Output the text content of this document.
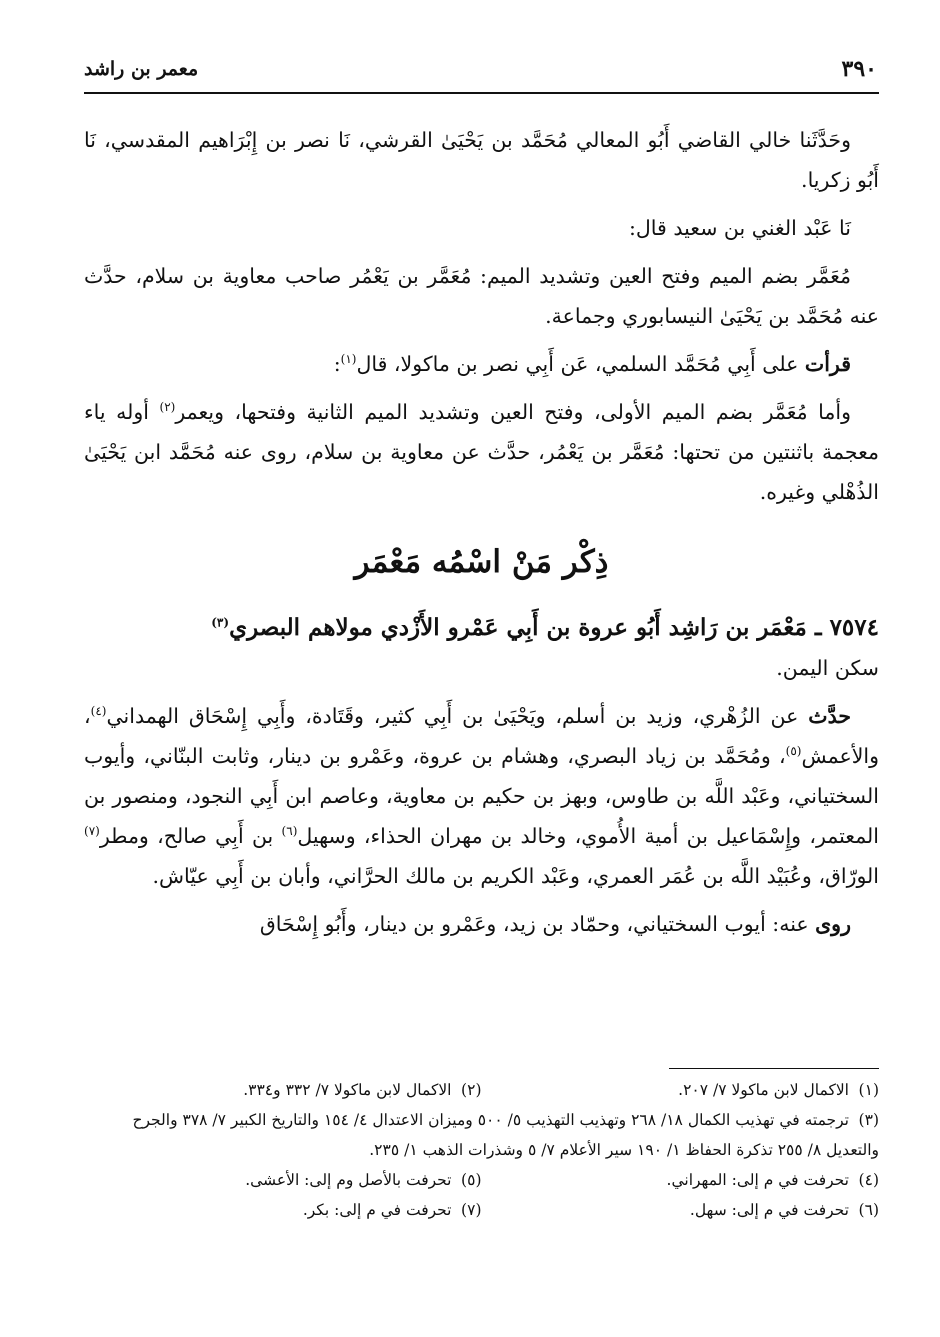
٣٩٠
معمر بن راشد

وحَدَّثَنا خالي القاضي أَبُو المعالي مُحَمَّد بن يَحْيَىٰ القرشي، نَا نصر بن إِبْرَاهيم المقدسي، نَا أَبُو زكريا.

نَا عَبْد الغني بن سعيد قال:

مُعَمَّر بضم الميم وفتح العين وتشديد الميم: مُعَمَّر بن يَعْمُر صاحب معاوية بن سلام، حدَّث عنه مُحَمَّد بن يَحْيَىٰ النيسابوري وجماعة.

قرأت على أَبِي مُحَمَّد السلمي، عَن أَبِي نصر بن ماكولا، قال$^{(١)}$:

وأما مُعَمَّر بضم الميم الأولى، وفتح العين وتشديد الميم الثانية وفتحها، ويعمر$^{(٢)}$ أوله ياء معجمة باثنتين من تحتها: مُعَمَّر بن يَعْمُر، حدَّث عن معاوية بن سلام، روى عنه مُحَمَّد ابن يَحْيَىٰ الذُهْلي وغيره.

ذِكْر مَنْ اسْمُه مَعْمَر

٧٥٧٤ ـ مَعْمَر بن رَاشِد أَبُو عروة بن أَبِي عَمْرو الأَزْدي مولاهم البصري$^{(٣)}$

سكن اليمن.

حدَّث عن الزُهْري، وزيد بن أسلم، ويَحْيَىٰ بن أَبِي كثير، وقَتَادة، وأَبِي إِسْحَاق الهمداني$^{(٤)}$، والأعمش$^{(٥)}$، ومُحَمَّد بن زياد البصري، وهشام بن عروة، وعَمْرو بن دينار، وثابت البنّاني، وأيوب السختياني، وعَبْد اللَّه بن طاوس، وبهز بن حكيم بن معاوية، وعاصم ابن أَبِي النجود، ومنصور بن المعتمر، وإِسْمَاعيل بن أمية الأُموي، وخالد بن مهران الحذاء، وسهيل$^{(٦)}$ بن أَبِي صالح، ومطر$^{(٧)}$ الورّاق، وعُبَيْد اللَّه بن عُمَر العمري، وعَبْد الكريم بن مالك الحرَّاني، وأبان بن أَبِي عيّاش.

روى عنه: أيوب السختياني، وحمّاد بن زيد، وعَمْرو بن دينار، وأَبُو إِسْحَاق

(١)الاكمال لابن ماكولا ٧/ ٢٠٧.
(٢)الاكمال لابن ماكولا ٧/ ٣٣٢ و٣٣٤.
(٣)ترجمته في تهذيب الكمال ١٨/ ٢٦٨ وتهذيب التهذيب ٥/ ٥٠٠ وميزان الاعتدال ٤/ ١٥٤ والتاريخ الكبير ٧/ ٣٧٨ والجرح والتعديل ٨/ ٢٥٥ تذكرة الحفاظ ١/ ١٩٠ سير الأعلام ٧/ ٥ وشذرات الذهب ١/ ٢٣٥.
(٤)تحرفت في م إلى: المهراني.
(٥)تحرفت بالأصل وم إلى: الأعشى.
(٦)تحرفت في م إلى: سهل.
(٧)تحرفت في م إلى: بكر.
